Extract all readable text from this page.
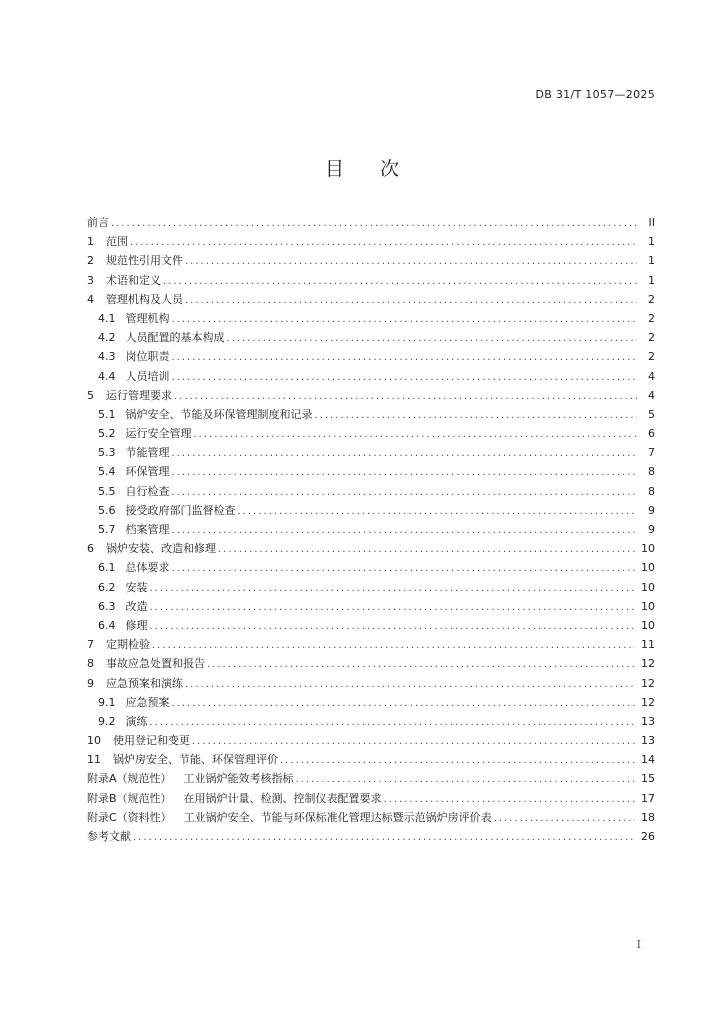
DB 31/T 1057—2025
目次
前言 .....	II
1 范围 .....	1
2 规范性引用文件 .....	1
3 术语和定义 .....	1
4 管理机构及人员 .....	2
4.1 管理机构 .....	2
4.2 人员配置的基本构成 .....	2
4.3 岗位职责 .....	2
4.4 人员培训 .....	4
5 运行管理要求 .....	4
5.1 锅炉安全、节能及环保管理制度和记录 .....	5
5.2 运行安全管理 .....	6
5.3 节能管理 .....	7
5.4 环保管理 .....	8
5.5 自行检查 .....	8
5.6 接受政府部门监督检查 .....	9
5.7 档案管理 .....	9
6 锅炉安装、改造和修理 .....	10
6.1 总体要求 .....	10
6.2 安装 .....	10
6.3 改造 .....	10
6.4 修理 .....	10
7 定期检验 .....	11
8 事故应急处置和报告 .....	12
9 应急预案和演练 .....	12
9.1 应急预案 .....	12
9.2 演练 .....	13
10 使用登记和变更 .....	13
11 锅炉房安全、节能、环保管理评价 .....	14
附录A（规范性） 工业锅炉能效考核指标 .....	15
附录B（规范性） 在用锅炉计量、检测、控制仪表配置要求 .....	17
附录C（资料性） 工业锅炉安全、节能与环保标准化管理达标暨示范锅炉房评价表 .....	18
参考文献 .....	26
I
